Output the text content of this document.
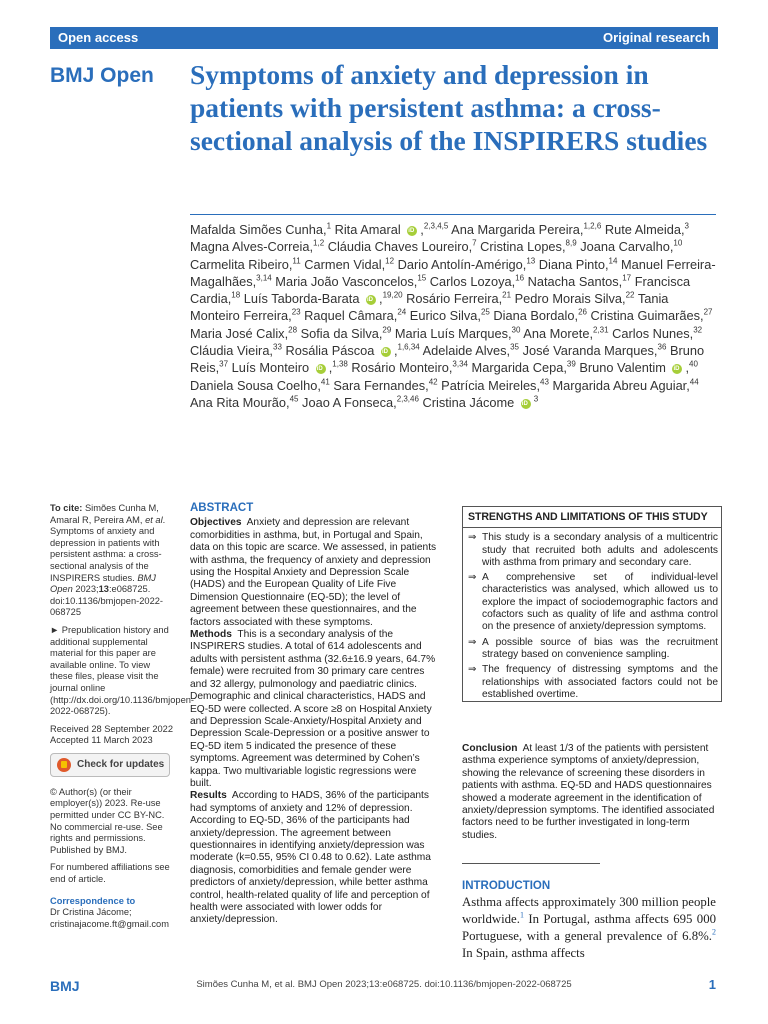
Open access	Original research
BMJ Open Symptoms of anxiety and depression in patients with persistent asthma: a cross-sectional analysis of the INSPIRERS studies
Mafalda Simões Cunha,$^1$ Rita Amaral iD,$^{2,3,4,5}$ Ana Margarida Pereira,$^{1,2,6}$ Rute Almeida,$^3$ Magna Alves-Correia,$^{1,2}$ Cláudia Chaves Loureiro,$^7$ Cristina Lopes,$^{8,9}$ Joana Carvalho,$^{10}$ Carmelita Ribeiro,$^{11}$ Carmen Vidal,$^{12}$ Dario Antolín-Amérigo,$^{13}$ Diana Pinto,$^{14}$ Manuel Ferreira-Magalhães,$^{3,14}$ Maria João Vasconcelos,$^{15}$ Carlos Lozoya,$^{16}$ Natacha Santos,$^{17}$ Francisca Cardia,$^{18}$ Luís Taborda-Barata iD,$^{19,20}$ Rosário Ferreira,$^{21}$ Pedro Morais Silva,$^{22}$ Tania Monteiro Ferreira,$^{23}$ Raquel Câmara,$^{24}$ Eurico Silva,$^{25}$ Diana Bordalo,$^{26}$ Cristina Guimarães,$^{27}$ Maria José Calix,$^{28}$ Sofia da Silva,$^{29}$ Maria Luís Marques,$^{30}$ Ana Morete,$^{2,31}$ Carlos Nunes,$^{32}$ Cláudia Vieira,$^{33}$ Rosália Páscoa iD,$^{1,6,34}$ Adelaide Alves,$^{35}$ José Varanda Marques,$^{36}$ Bruno Reis,$^{37}$ Luís Monteiro iD,$^{1,38}$ Rosário Monteiro,$^{3,34}$ Margarida Cepa,$^{39}$ Bruno Valentim iD,$^{40}$ Daniela Sousa Coelho,$^{41}$ Sara Fernandes,$^{42}$ Patrícia Meireles,$^{43}$ Margarida Abreu Aguiar,$^{44}$ Ana Rita Mourão,$^{45}$ Joao A Fonseca,$^{2,3,46}$ Cristina Jácome $iD^3$

To cite: Simões Cunha M, Amaral R, Pereira AM, et al. Symptoms of anxiety and depression in patients with persistent asthma: a cross-sectional analysis of the INSPIRERS studies. BMJ Open 2023;13:e068725. doi:10.1136/bmjopen-2022-068725

► Prepublication history and additional supplemental material for this paper are available online. To view these files, please visit the journal online (http://dx.doi.org/10.1136/bmjopen-2022-068725).

Received 28 September 2022

Accepted 11 March 2023

Check for updates

© Author(s) (or their employer(s)) 2023. Re-use permitted under CC BY-NC. No commercial re-use. See rights and permissions. Published by BMJ.

For numbered affiliations see end of article.

Correspondence to
Dr Cristina Jácome;
cristinajacome.ft@gmail.com

ABSTRACT

Objectives Anxiety and depression are relevant comorbidities in asthma, but, in Portugal and Spain, data on this topic are scarce. We assessed, in patients with asthma, the frequency of anxiety and depression using the Hospital Anxiety and Depression Scale (HADS) and the European Quality of Life Five Dimension Questionnaire (EQ-5D); the level of agreement between these questionnaires, and the factors associated with these symptoms.

Methods This is a secondary analysis of the INSPIRERS studies. A total of 614 adolescents and adults with persistent asthma (32.6±16.9 years, 64.7% female) were recruited from 30 primary care centres and 32 allergy, pulmonology and paediatric clinics. Demographic and clinical characteristics, HADS and EQ-5D were collected. A score ≥8 on Hospital Anxiety and Depression Scale-Anxiety/Hospital Anxiety and Depression Scale-Depression or a positive answer to EQ-5D item 5 indicated the presence of these symptoms. Agreement was determined by Cohen’s kappa. Two multivariable logistic regressions were built.

Results According to HADS, 36% of the participants had symptoms of anxiety and 12% of depression. According to EQ-5D, 36% of the participants had anxiety/depression. The agreement between questionnaires in identifying anxiety/depression was moderate (k=0.55, 95% CI 0.48 to 0.62). Late asthma diagnosis, comorbidities and female gender were predictors of anxiety/depression, while better asthma control, health-related quality of life and perception of health were associated with lower odds for anxiety/depression.

STRENGTHS AND LIMITATIONS OF THIS STUDY
⇒ This study is a secondary analysis of a multicentric study that recruited both adults and adolescents with asthma from primary and secondary care.
⇒ A comprehensive set of individual-level characteristics was analysed, which allowed us to explore the impact of sociodemographic factors and cofactors such as quality of life and asthma control on the presence of anxiety/depression symptoms.
⇒ A possible source of bias was the recruitment strategy based on convenience sampling.
⇒ The frequency of distressing symptoms and the relationships with associated factors could not be established overtime.
Conclusion At least 1/3 of the patients with persistent asthma experience symptoms of anxiety/depression, showing the relevance of screening these disorders in patients with asthma. EQ-5D and HADS questionnaires showed a moderate agreement in the identification of anxiety/depression symptoms. The identified associated factors need to be further investigated in long-term studies.
INTRODUCTION

Asthma affects approximately 300 million people worldwide.$^1$ In Portugal, asthma affects 695 000 Portuguese, with a general prevalence of 6.8%.$^2$ In Spain, asthma affects

BMJ	Simões Cunha M, et al. BMJ Open 2023;13:e068725. doi:10.1136/bmjopen-2022-068725	1
